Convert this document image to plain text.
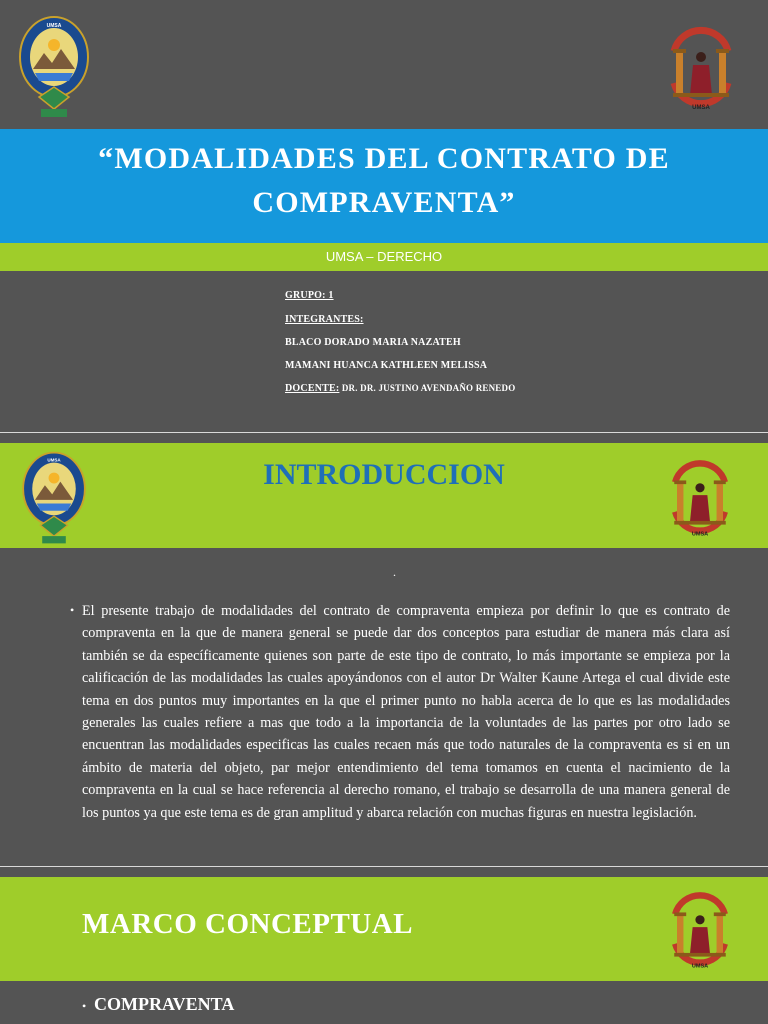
UMSA
UMSA
“MODALIDADES DEL CONTRATO DE
COMPRAVENTA”
UMSA – DERECHO
GRUPO: 1
INTEGRANTES:
BLACO DORADO MARIA NAZATEH
MAMANI HUANCA KATHLEEN MELISSA
DOCENTE: DR. DR. JUSTINO AVENDAÑO RENEDO
UMSA	INTRODUCCION
UMSA
.
• El presente trabajo de modalidades del contrato de compraventa empieza por definir lo que es contrato de compraventa en la que de manera general se puede dar dos conceptos para estudiar de manera más clara así también se da específicamente quienes son parte de este tipo de contrato, lo más importante se empieza por la calificación de las modalidades las cuales apoyándonos con el autor Dr Walter Kaune Artega el cual divide este tema en dos puntos muy importantes en la que el primer punto no habla acerca de lo que es las modalidades generales las cuales refiere a mas que todo a la importancia de la voluntades de las partes por otro lado se encuentran las modalidades especificas las cuales recaen más que todo naturales de la compraventa es si en un ámbito de materia del objeto, par mejor entendimiento del tema tomamos en cuenta el nacimiento de la compraventa en la cual se hace referencia al derecho romano, el trabajo se desarrolla de una manera general de los puntos ya que este tema es de gran amplitud y abarca relación con muchas figuras en nuestra legislación.
MARCO CONCEPTUAL
UMSA
• COMPRAVENTA
